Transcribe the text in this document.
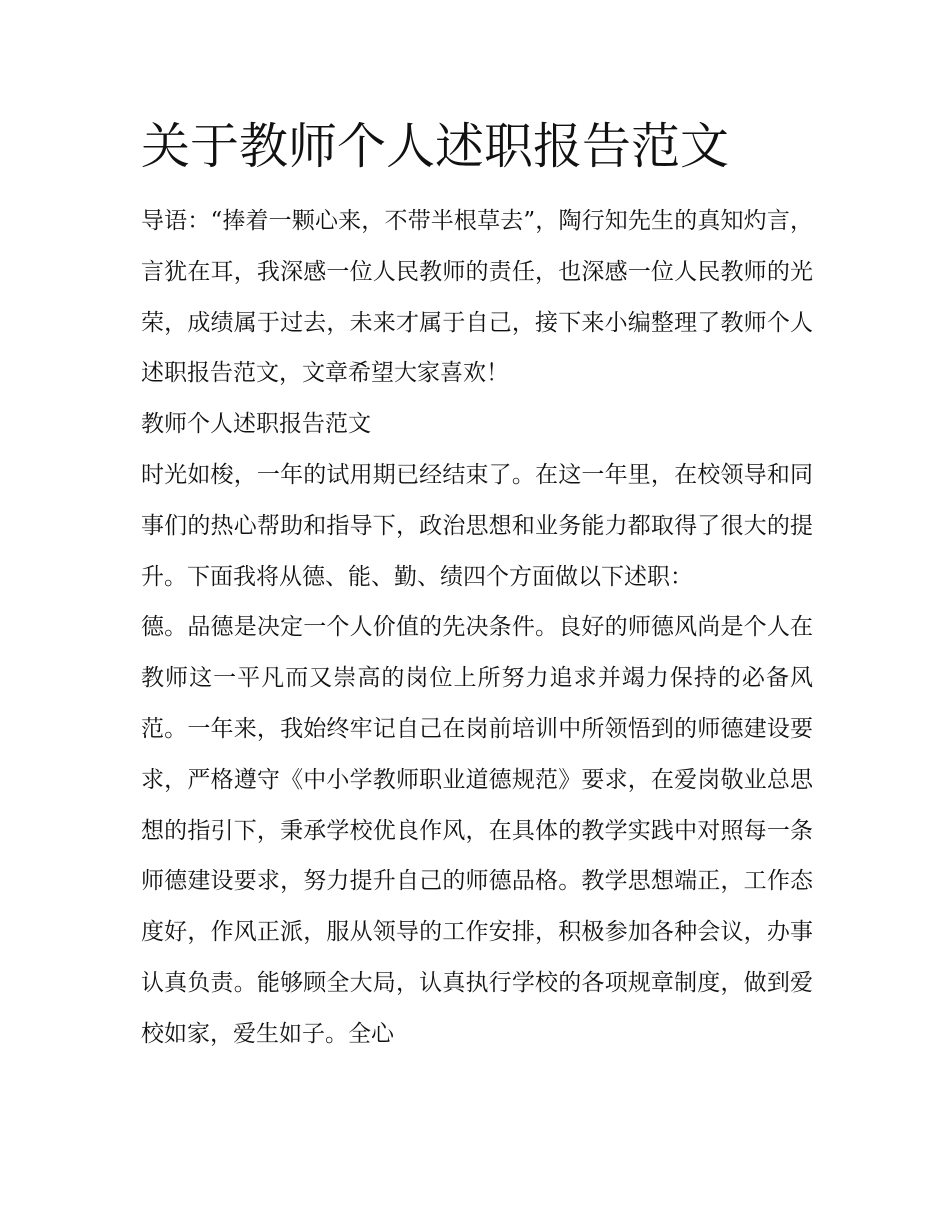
关于教师个人述职报告范文

导语：“捧着一颗心来，不带半根草去”，陶行知先生的真知灼言，言犹在耳，我深感一位人民教师的责任，也深感一位人民教师的光荣，成绩属于过去，未来才属于自己，接下来小编整理了教师个人述职报告范文，文章希望大家喜欢！

教师个人述职报告范文

时光如梭，一年的试用期已经结束了。在这一年里，在校领导和同事们的热心帮助和指导下，政治思想和业务能力都取得了很大的提升。下面我将从德、能、勤、绩四个方面做以下述职：

德。品德是决定一个人价值的先决条件。良好的师德风尚是个人在教师这一平凡而又崇高的岗位上所努力追求并竭力保持的必备风范。一年来，我始终牢记自己在岗前培训中所领悟到的师德建设要求，严格遵守《中小学教师职业道德规范》要求，在爱岗敬业总思想的指引下，秉承学校优良作风，在具体的教学实践中对照每一条师德建设要求，努力提升自己的师德品格。教学思想端正，工作态度好，作风正派，服从领导的工作安排，积极参加各种会议，办事认真负责。能够顾全大局，认真执行学校的各项规章制度，做到爱校如家，爱生如子。全心
